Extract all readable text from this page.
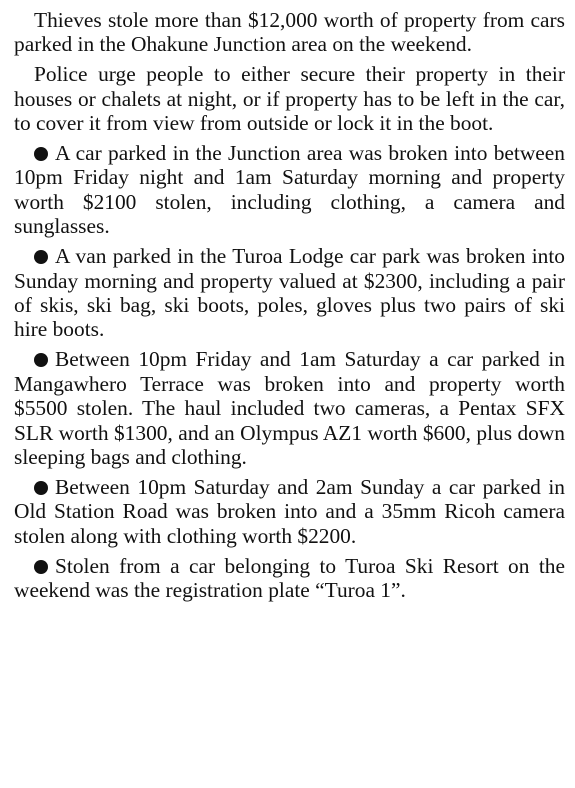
Thieves stole more than $12,000 worth of property from cars parked in the Ohakune Junction area on the weekend.

Police urge people to either secure their property in their houses or chalets at night, or if property has to be left in the car, to cover it from view from outside or lock it in the boot.

A car parked in the Junction area was broken into between 10pm Friday night and 1am Saturday morning and property worth $2100 stolen, including clothing, a camera and sunglasses.

A van parked in the Turoa Lodge car park was broken into Sunday morning and property valued at $2300, including a pair of skis, ski bag, ski boots, poles, gloves plus two pairs of ski hire boots.

Between 10pm Friday and 1am Saturday a car parked in Mangawhero Terrace was broken into and property worth $5500 stolen. The haul included two cameras, a Pentax SFX SLR worth $1300, and an Olympus AZ1 worth $600, plus down sleeping bags and clothing.

Between 10pm Saturday and 2am Sunday a car parked in Old Station Road was broken into and a 35mm Ricoh camera stolen along with clothing worth $2200.

Stolen from a car belonging to Turoa Ski Resort on the weekend was the registration plate “Turoa 1”.
